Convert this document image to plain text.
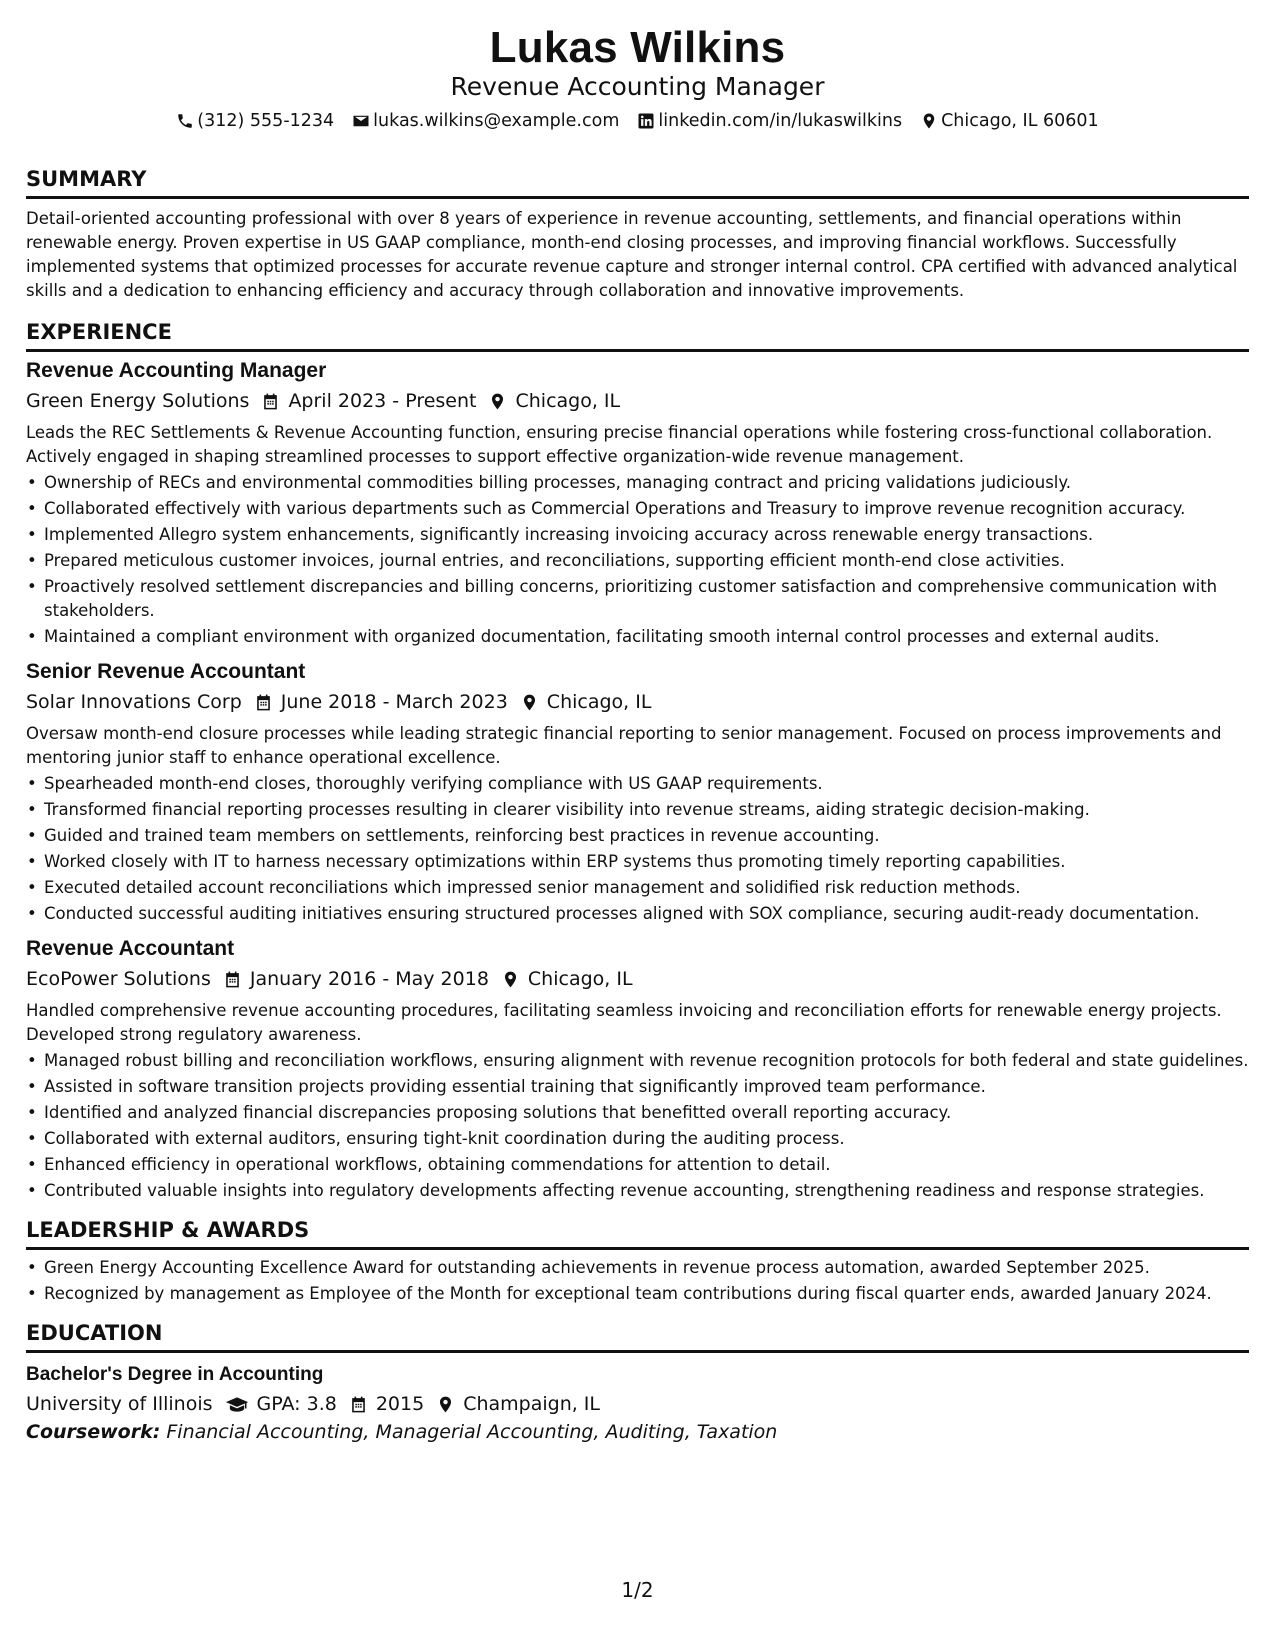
Lukas Wilkins
Revenue Accounting Manager
(312) 555-1234 lukas.wilkins@example.com linkedin.com/in/lukaswilkins Chicago, IL 60601
SUMMARY
Detail-oriented accounting professional with over 8 years of experience in revenue accounting, settlements, and financial operations within renewable energy. Proven expertise in US GAAP compliance, month-end closing processes, and improving financial workflows. Successfully implemented systems that optimized processes for accurate revenue capture and stronger internal control. CPA certified with advanced analytical skills and a dedication to enhancing efficiency and accuracy through collaboration and innovative improvements.
EXPERIENCE
Revenue Accounting Manager
Green Energy Solutions April 2023 - Present Chicago, IL
Leads the REC Settlements & Revenue Accounting function, ensuring precise financial operations while fostering cross-functional collaboration. Actively engaged in shaping streamlined processes to support effective organization-wide revenue management.
• Ownership of RECs and environmental commodities billing processes, managing contract and pricing validations judiciously.
• Collaborated effectively with various departments such as Commercial Operations and Treasury to improve revenue recognition accuracy.
• Implemented Allegro system enhancements, significantly increasing invoicing accuracy across renewable energy transactions.
• Prepared meticulous customer invoices, journal entries, and reconciliations, supporting efficient month-end close activities.
• Proactively resolved settlement discrepancies and billing concerns, prioritizing customer satisfaction and comprehensive communication with stakeholders.
• Maintained a compliant environment with organized documentation, facilitating smooth internal control processes and external audits.
Senior Revenue Accountant
Solar Innovations Corp June 2018 - March 2023 Chicago, IL
Oversaw month-end closure processes while leading strategic financial reporting to senior management. Focused on process improvements and mentoring junior staff to enhance operational excellence.
• Spearheaded month-end closes, thoroughly verifying compliance with US GAAP requirements.
• Transformed financial reporting processes resulting in clearer visibility into revenue streams, aiding strategic decision-making.
• Guided and trained team members on settlements, reinforcing best practices in revenue accounting.
• Worked closely with IT to harness necessary optimizations within ERP systems thus promoting timely reporting capabilities.
• Executed detailed account reconciliations which impressed senior management and solidified risk reduction methods.
• Conducted successful auditing initiatives ensuring structured processes aligned with SOX compliance, securing audit-ready documentation.
Revenue Accountant
EcoPower Solutions January 2016 - May 2018 Chicago, IL
Handled comprehensive revenue accounting procedures, facilitating seamless invoicing and reconciliation efforts for renewable energy projects. Developed strong regulatory awareness.
• Managed robust billing and reconciliation workflows, ensuring alignment with revenue recognition protocols for both federal and state guidelines.
• Assisted in software transition projects providing essential training that significantly improved team performance.
• Identified and analyzed financial discrepancies proposing solutions that benefitted overall reporting accuracy.
• Collaborated with external auditors, ensuring tight-knit coordination during the auditing process.
• Enhanced efficiency in operational workflows, obtaining commendations for attention to detail.
• Contributed valuable insights into regulatory developments affecting revenue accounting, strengthening readiness and response strategies.
LEADERSHIP & AWARDS
• Green Energy Accounting Excellence Award for outstanding achievements in revenue process automation, awarded September 2025.
• Recognized by management as Employee of the Month for exceptional team contributions during fiscal quarter ends, awarded January 2024.
EDUCATION
Bachelor's Degree in Accounting
University of Illinois GPA: 3.8 2015 Champaign, IL
Coursework: Financial Accounting, Managerial Accounting, Auditing, Taxation
1/2
